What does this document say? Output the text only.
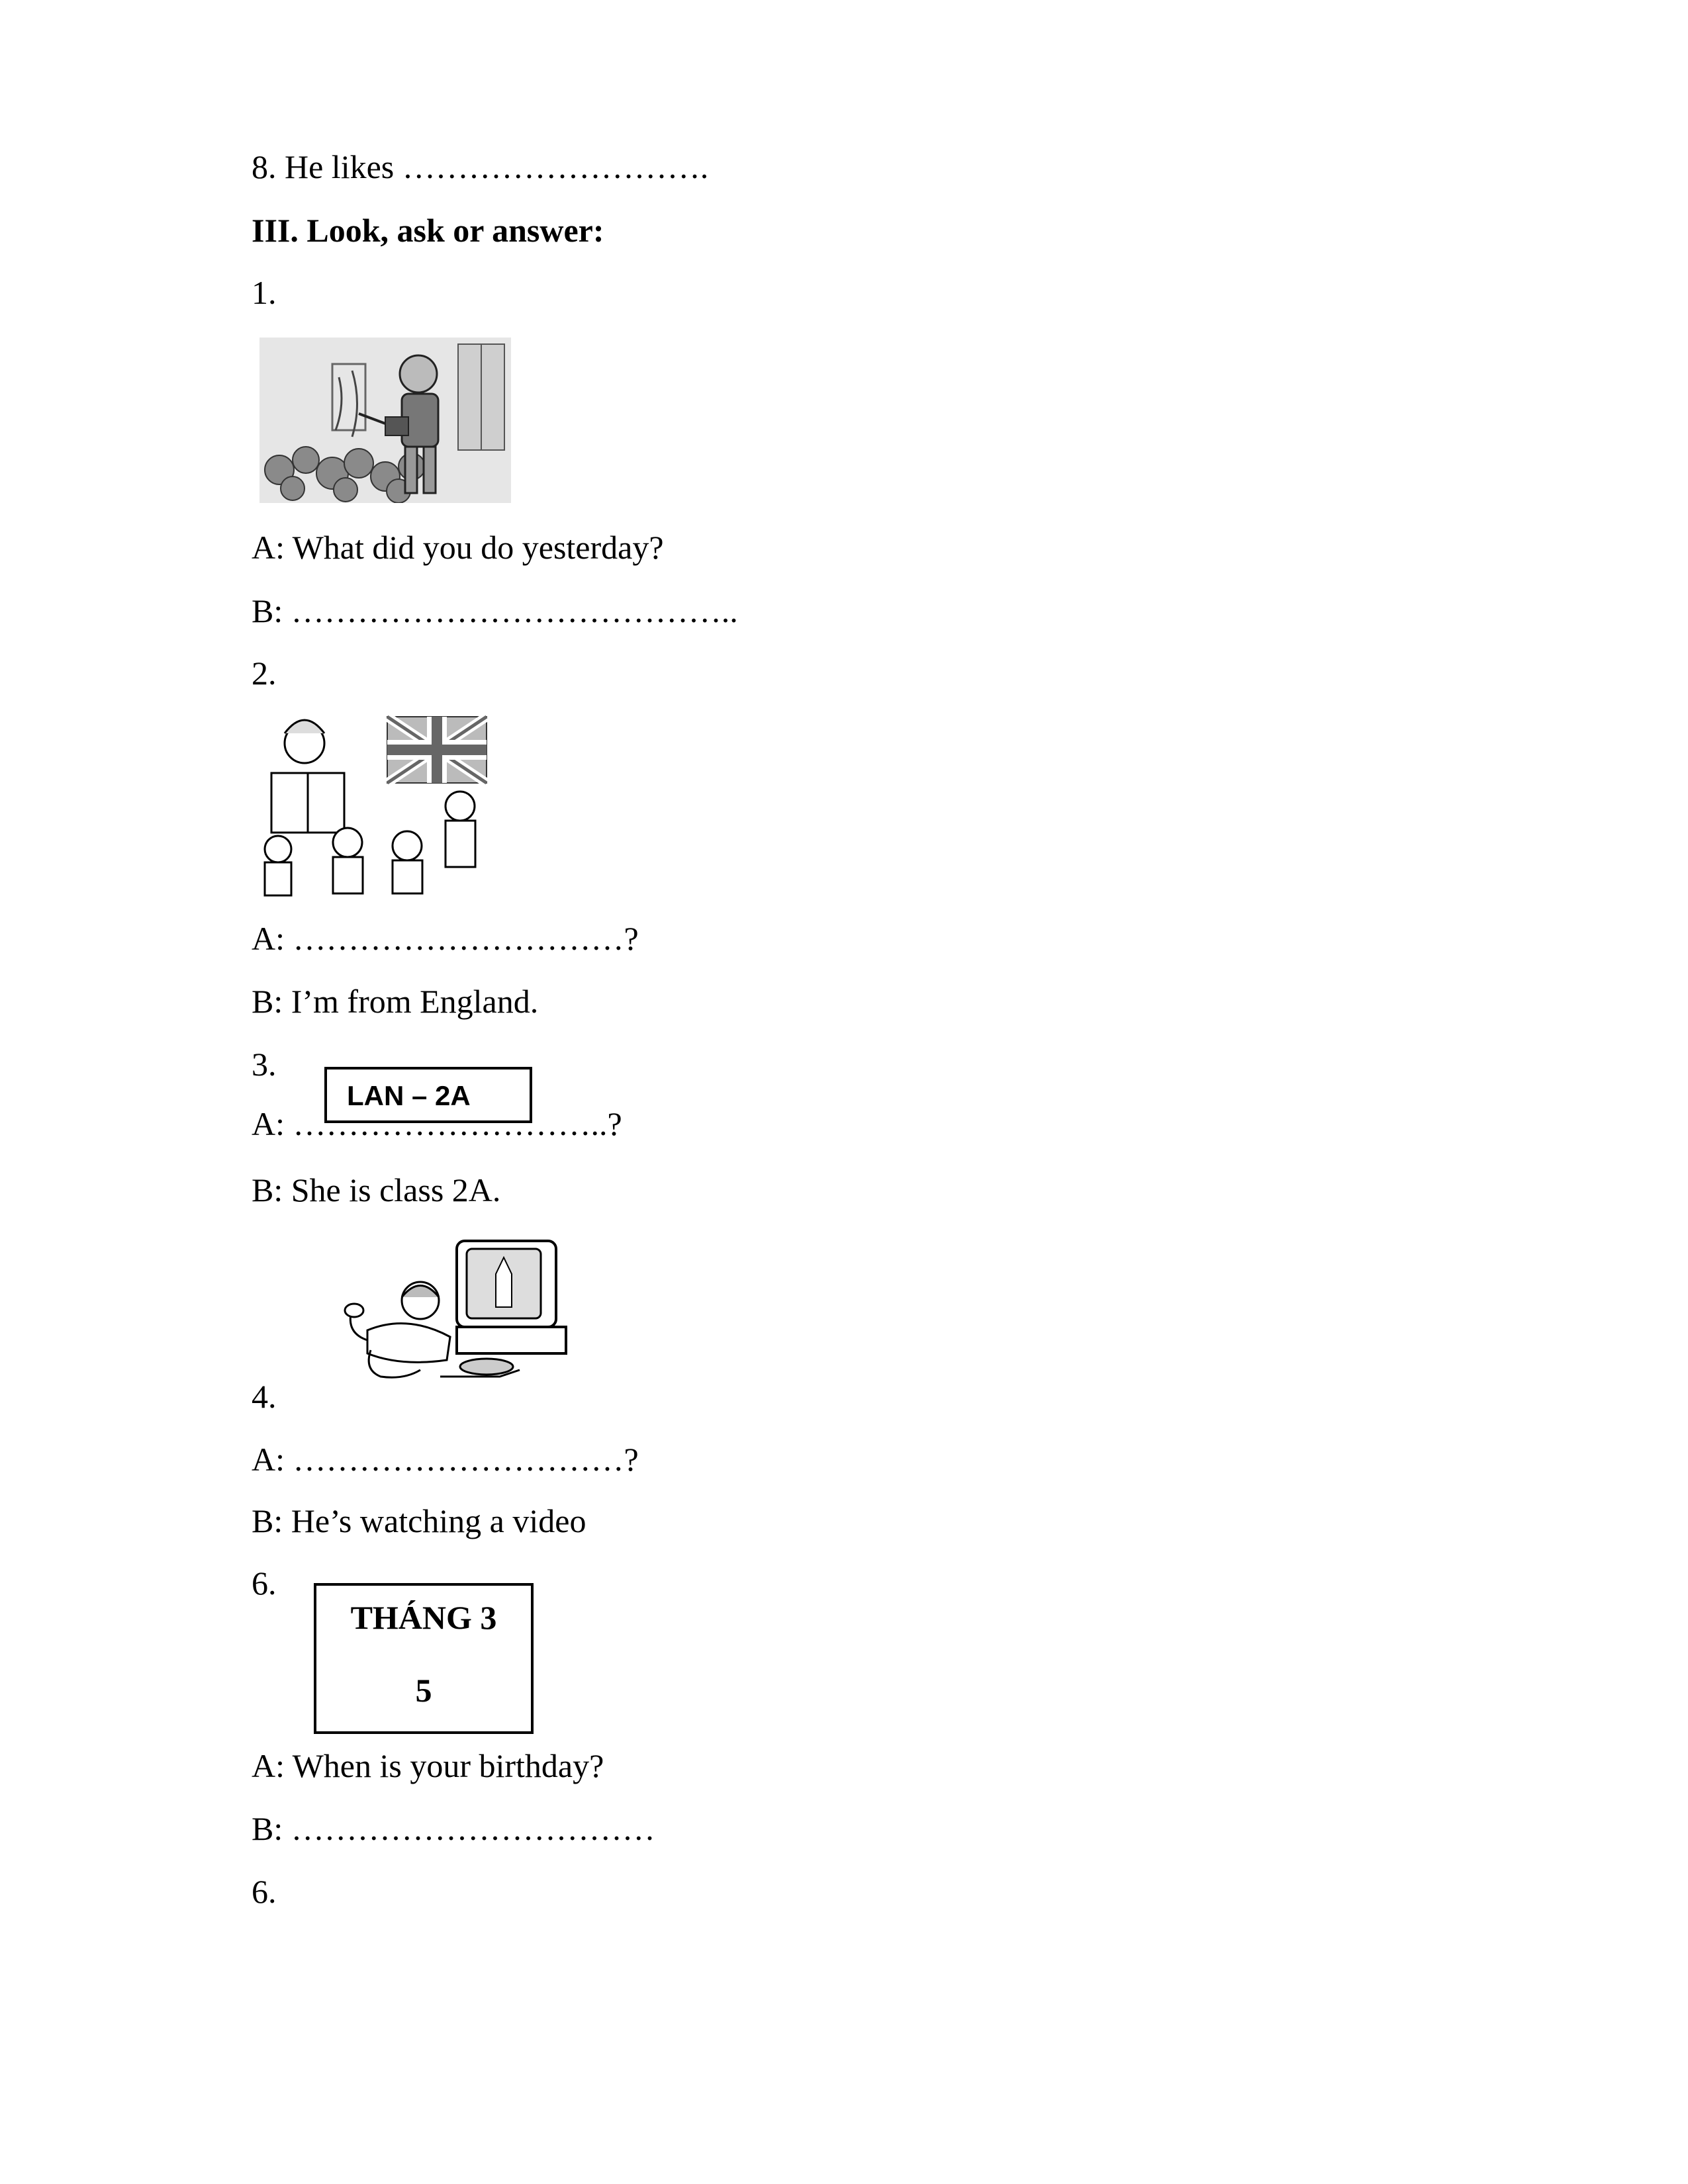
8. He likes ……………………….
III. Look, ask or answer:
1.
A: What did you do yesterday?
B: …………………………………..
2.
A: …………………………?
B: I’m from England.
3.
LAN – 2A
A: ………………………..?
B: She is class 2A.
4.
A: …………………………?
B: He’s watching a video
6.
THÁNG 3
5
A: When is your birthday?
B: ……………………………
6.
